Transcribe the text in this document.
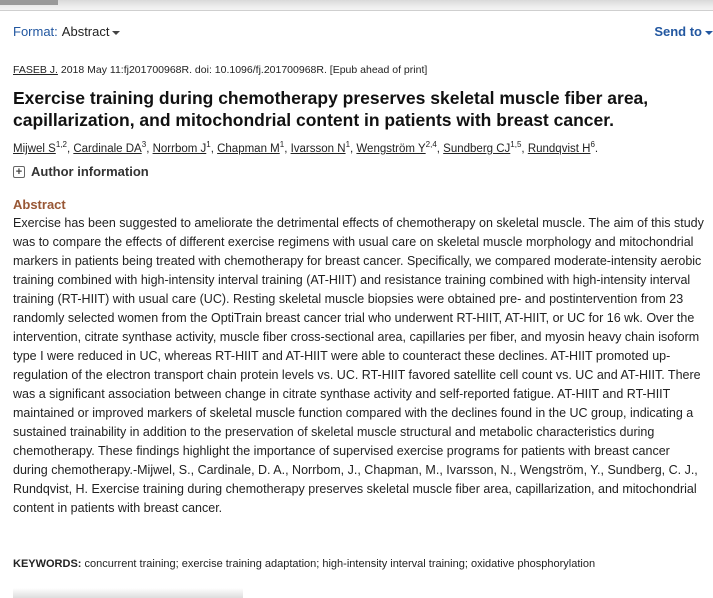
Format: Abstract	Send to
FASEB J. 2018 May 11:fj201700968R. doi: 10.1096/fj.201700968R. [Epub ahead of print]
Exercise training during chemotherapy preserves skeletal muscle fiber area, capillarization, and mitochondrial content in patients with breast cancer.
Mijwel S$^{1,2}$, Cardinale $DA^3$, Norrbom $J^1$, Chapman $M^1$, Ivarsson $N^1$, Wengström Y$^{2,4}$, Sundberg CJ$^{1,5}$, Rundqvist $H^6$.
+ Author information
Abstract
Exercise has been suggested to ameliorate the detrimental effects of chemotherapy on skeletal muscle. The aim of this study was to compare the effects of different exercise regimens with usual care on skeletal muscle morphology and mitochondrial markers in patients being treated with chemotherapy for breast cancer. Specifically, we compared moderate-intensity aerobic training combined with high-intensity interval training (AT-HIIT) and resistance training combined with high-intensity interval training (RT-HIIT) with usual care (UC). Resting skeletal muscle biopsies were obtained pre- and postintervention from 23 randomly selected women from the OptiTrain breast cancer trial who underwent RT-HIIT, AT-HIIT, or UC for 16 wk. Over the intervention, citrate synthase activity, muscle fiber cross-sectional area, capillaries per fiber, and myosin heavy chain isoform type I were reduced in UC, whereas RT-HIIT and AT-HIIT were able to counteract these declines. AT-HIIT promoted up-regulation of the electron transport chain protein levels vs. UC. RT-HIIT favored satellite cell count vs. UC and AT-HIIT. There was a significant association between change in citrate synthase activity and self-reported fatigue. AT-HIIT and RT-HIIT maintained or improved markers of skeletal muscle function compared with the declines found in the UC group, indicating a sustained trainability in addition to the preservation of skeletal muscle structural and metabolic characteristics during chemotherapy. These findings highlight the importance of supervised exercise programs for patients with breast cancer during chemotherapy.-Mijwel, S., Cardinale, D. A., Norrbom, J., Chapman, M., Ivarsson, N., Wengström, Y., Sundberg, C. J., Rundqvist, H. Exercise training during chemotherapy preserves skeletal muscle fiber area, capillarization, and mitochondrial content in patients with breast cancer.
KEYWORDS: concurrent training; exercise training adaptation; high-intensity interval training; oxidative phosphorylation
